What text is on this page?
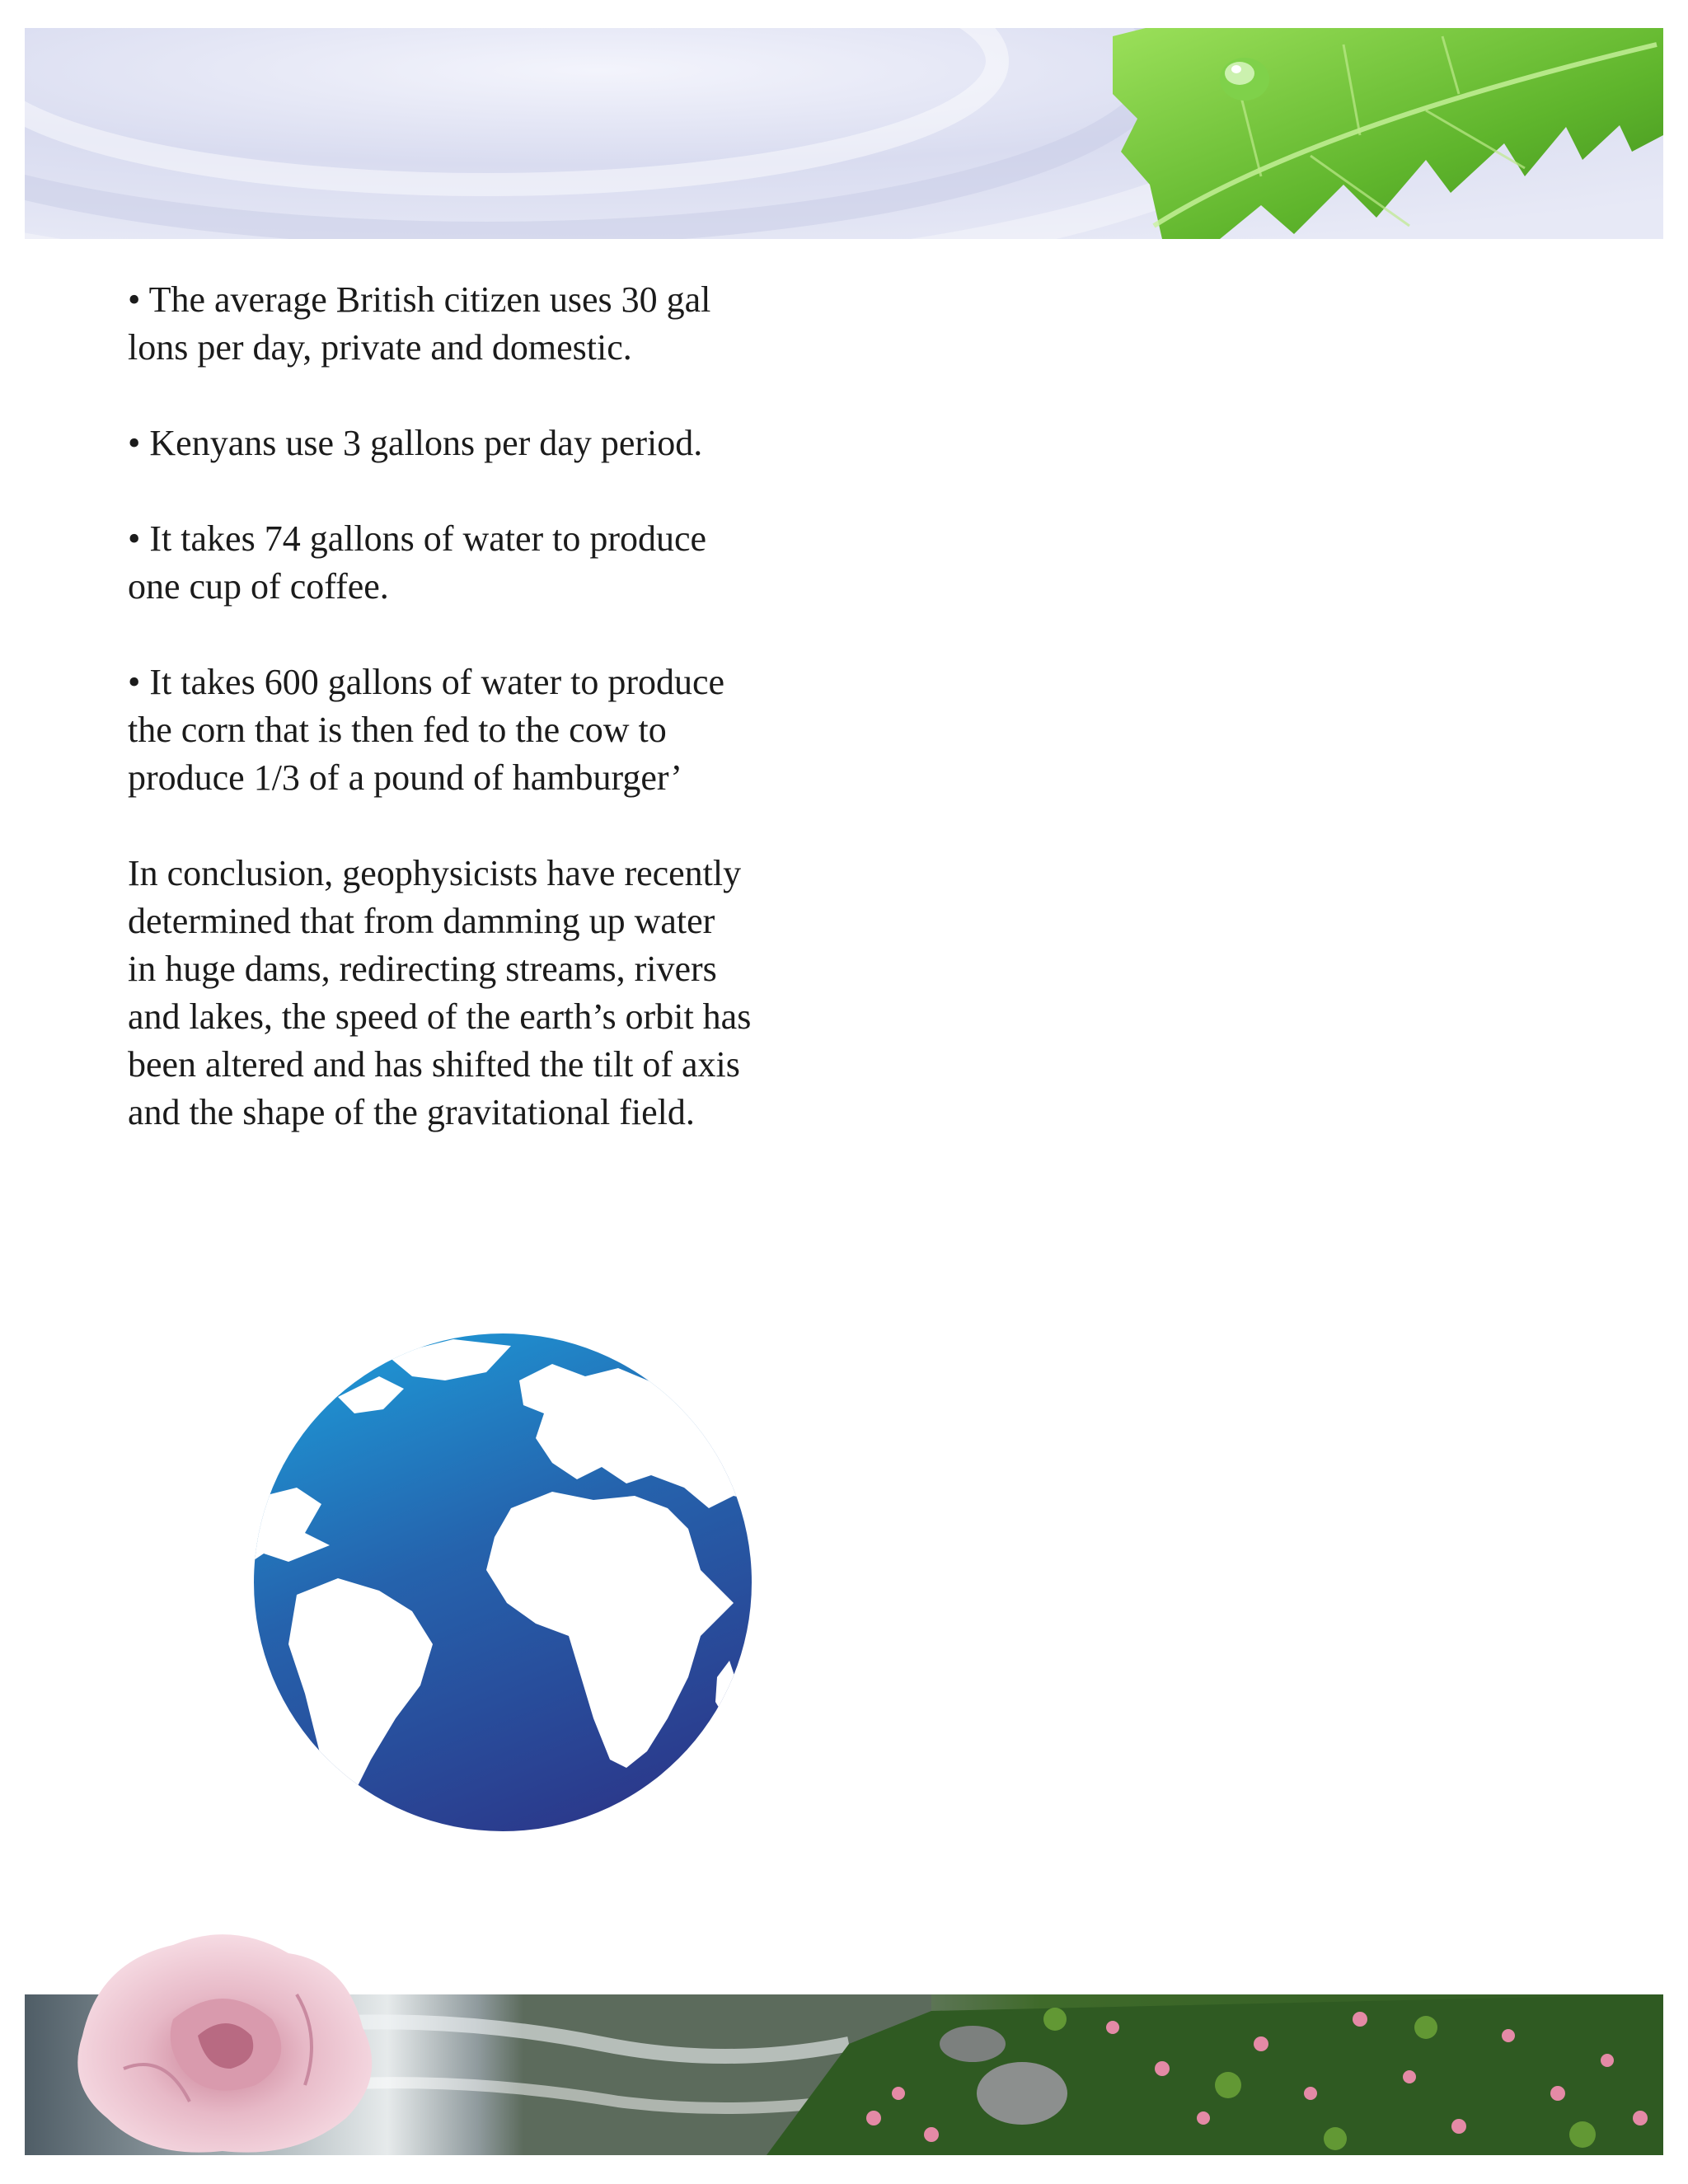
• The average British citizen uses 30 gal
lons per day, private and domestic.

• Kenyans use 3 gallons per day period.

• It takes 74 gallons of water to produce
one cup of coffee.

• It takes 600 gallons of water to produce
the corn that is then fed to the cow to
produce 1/3 of a pound of hamburger’

In conclusion, geophysicists have recently
determined that from damming up water
in huge dams, redirecting streams, rivers
and lakes, the speed of the earth’s orbit has
been altered and has shifted the tilt of axis
and the shape of the gravitational field.
